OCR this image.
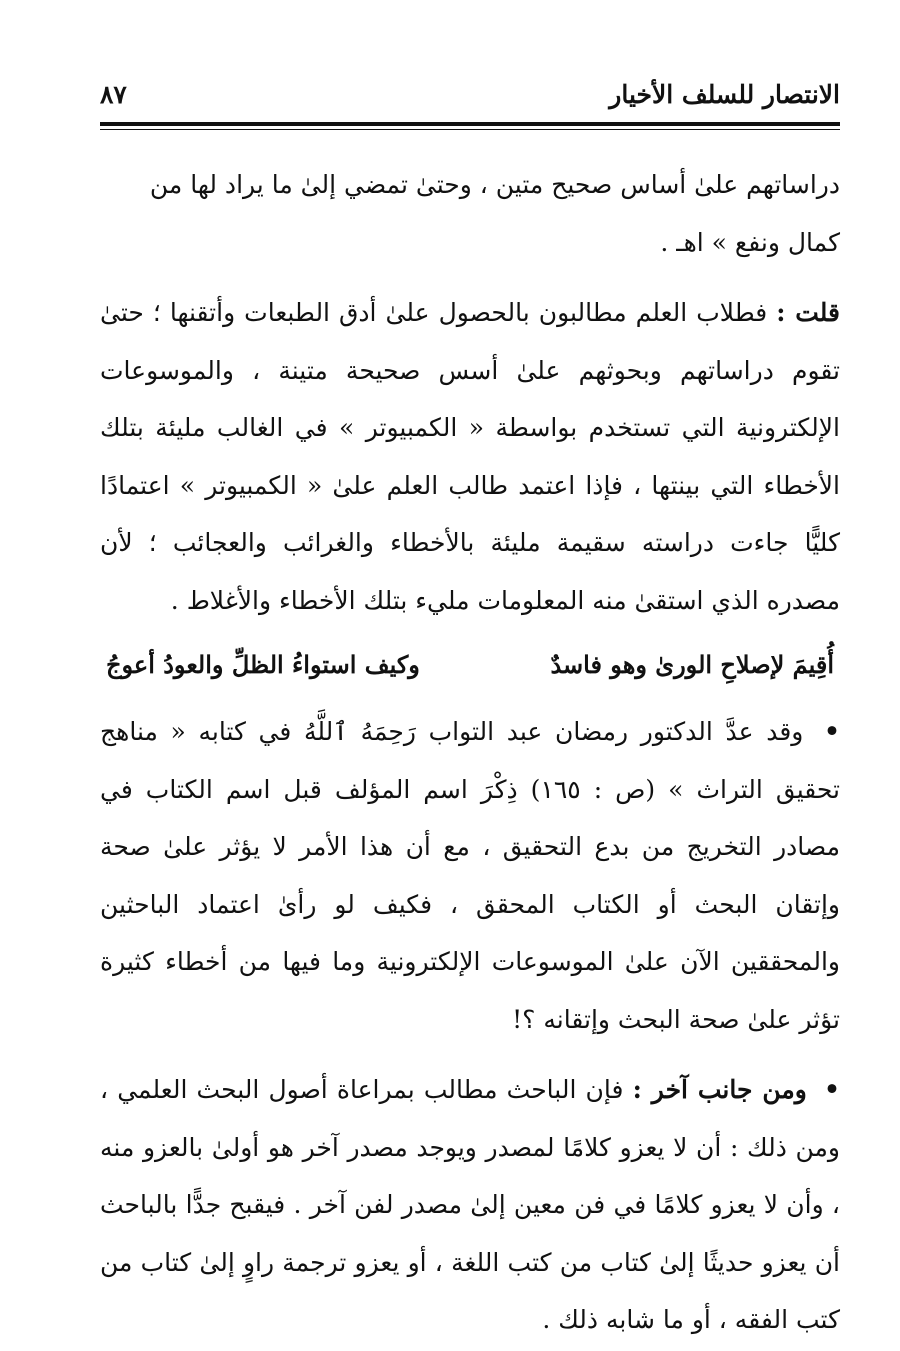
الانتصار للسلف الأخيار
٨٧

دراساتهم علىٰ أساس صحيح متين ، وحتىٰ تمضي إلىٰ ما يراد لها من
كمال ونفع » اهـ .

قلت : فطلاب العلم مطالبون بالحصول علىٰ أدق الطبعات وأتقنها ؛ حتىٰ تقوم دراساتهم وبحوثهم علىٰ أسس صحيحة متينة ، والموسوعات الإلكترونية التي تستخدم بواسطة « الكمبيوتر » في الغالب مليئة بتلك الأخطاء التي بينتها ، فإذا اعتمد طالب العلم علىٰ « الكمبيوتر » اعتمادًا كليًّا جاءت دراسته سقيمة مليئة بالأخطاء والغرائب والعجائب ؛ لأن مصدره الذي استقىٰ منه المعلومات مليء بتلك الأخطاء والأغلاط .

أُقِيمَ لإصلاحِ الورىٰ وهو فاسدٌ
وكيف استواءُ الظلِّ والعودُ أعوجُ

• وقد عدَّ الدكتور رمضان عبد التواب رَحِمَهُ ٱللَّهُ في كتابه « مناهج تحقيق التراث » (ص : ١٦٥) ذِكْرَ اسم المؤلف قبل اسم الكتاب في مصادر التخريج من بدع التحقيق ، مع أن هذا الأمر لا يؤثر علىٰ صحة وإتقان البحث أو الكتاب المحقق ، فكيف لو رأىٰ اعتماد الباحثين والمحققين الآن علىٰ الموسوعات الإلكترونية وما فيها من أخطاء كثيرة تؤثر علىٰ صحة البحث وإتقانه ؟!

• ومن جانب آخر : فإن الباحث مطالب بمراعاة أصول البحث العلمي ، ومن ذلك : أن لا يعزو كلامًا لمصدر ويوجد مصدر آخر هو أولىٰ بالعزو منه ، وأن لا يعزو كلامًا في فن معين إلىٰ مصدر لفن آخر . فيقبح جدًّا بالباحث أن يعزو حديثًا إلىٰ كتاب من كتب اللغة ، أو يعزو ترجمة راوٍ إلىٰ كتاب من كتب الفقه ، أو ما شابه ذلك .
